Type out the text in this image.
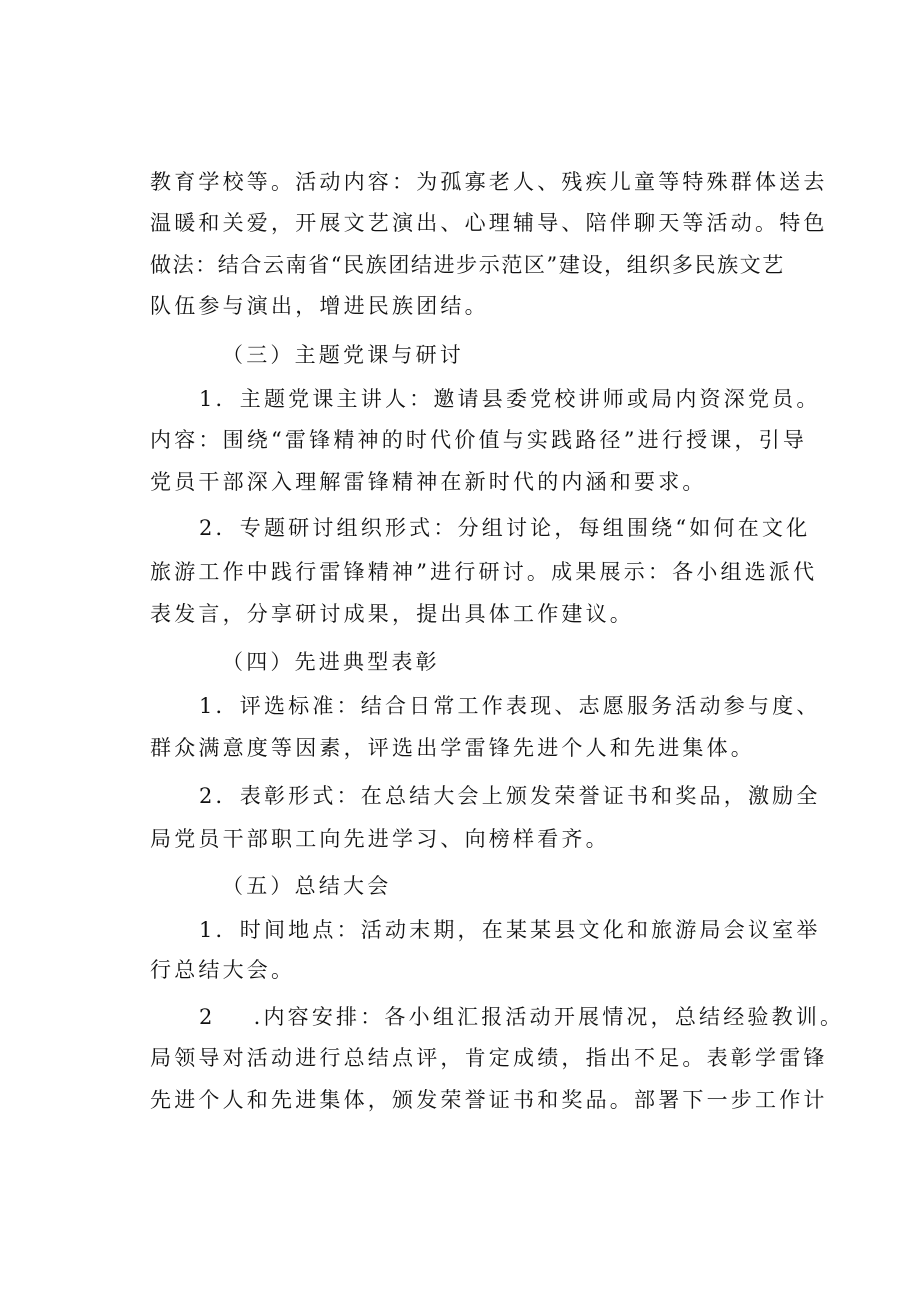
教育学校等。活动内容：为孤寡老人、残疾儿童等特殊群体送去
温暖和关爱，开展文艺演出、心理辅导、陪伴聊天等活动。特色
做法：结合云南省“民族团结进步示范区”建设，组织多民族文艺
队伍参与演出，增进民族团结。
（三）主题党课与研讨
1．主题党课主讲人：邀请县委党校讲师或局内资深党员。
内容：围绕“雷锋精神的时代价值与实践路径”进行授课，引导
党员干部深入理解雷锋精神在新时代的内涵和要求。
2．专题研讨组织形式：分组讨论，每组围绕“如何在文化
旅游工作中践行雷锋精神”进行研讨。成果展示：各小组选派代
表发言，分享研讨成果，提出具体工作建议。
（四）先进典型表彰
1．评选标准：结合日常工作表现、志愿服务活动参与度、
群众满意度等因素，评选出学雷锋先进个人和先进集体。
2．表彰形式：在总结大会上颁发荣誉证书和奖品，激励全
局党员干部职工向先进学习、向榜样看齐。
（五）总结大会
1．时间地点：活动末期，在某某县文化和旅游局会议室举
行总结大会。
2 .内容安排：各小组汇报活动开展情况，总结经验教训。
局领导对活动进行总结点评，肯定成绩，指出不足。表彰学雷锋
先进个人和先进集体，颁发荣誉证书和奖品。部署下一步工作计
